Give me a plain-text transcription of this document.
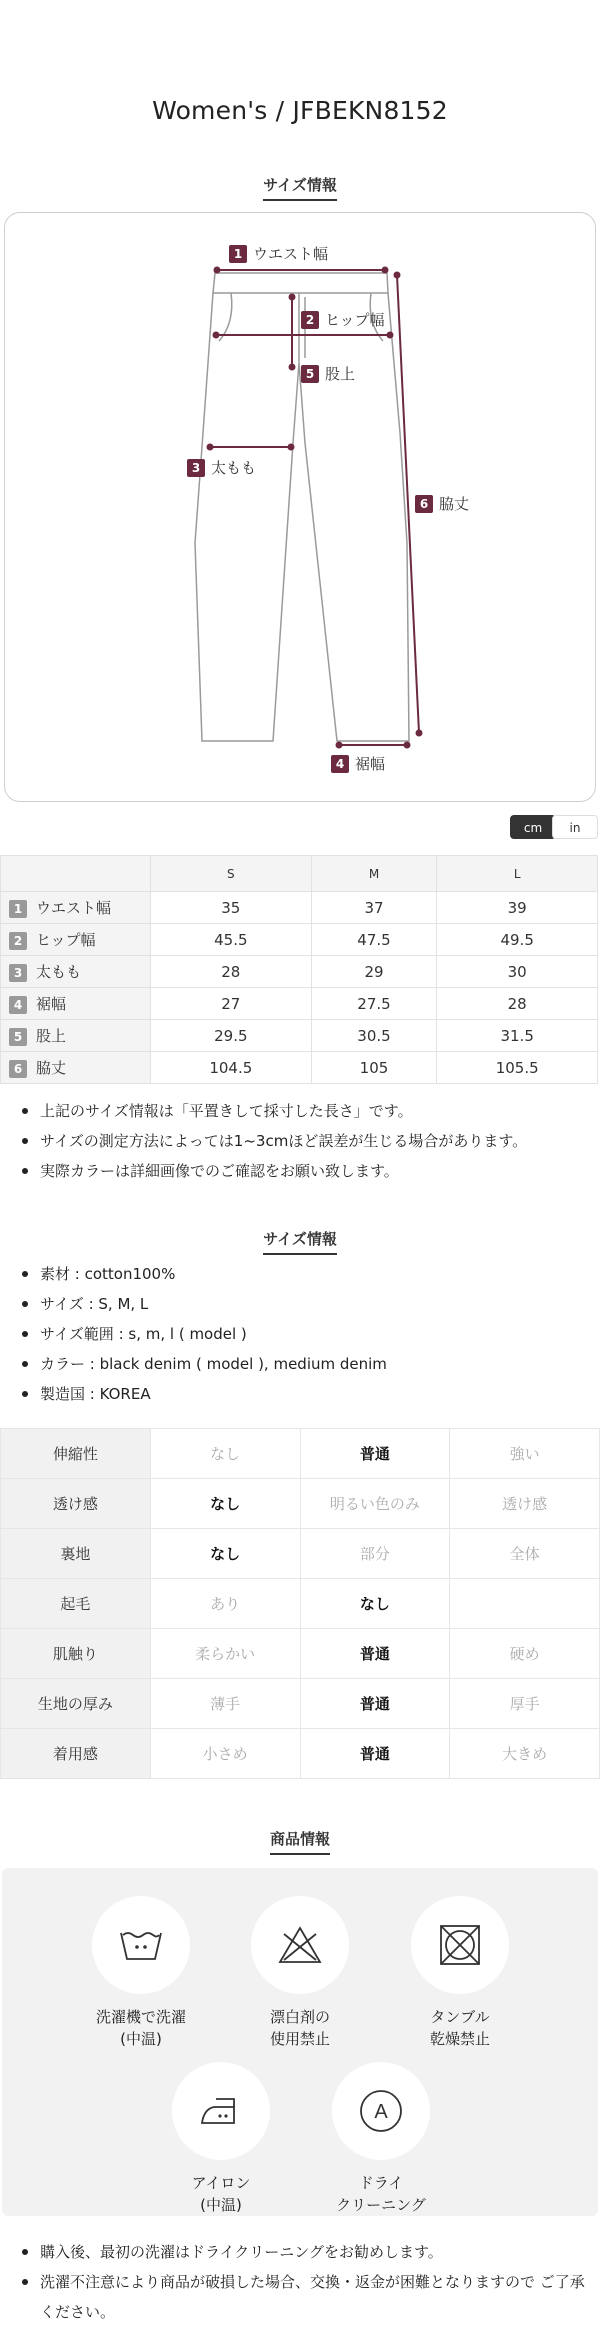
Women's / JFBEKN8152
サイズ情報
1 ウエスト幅
2 ヒップ幅
5 股上
3 太もも
6 脇丈
4 裾幅
cm	in
	S	M	L
1 ウエスト幅	35	37	39
2 ヒップ幅	45.5	47.5	49.5
3 太もも	28	29	30
4 裾幅	27	27.5	28
5 股上	29.5	30.5	31.5
6 脇丈	104.5	105	105.5
上記のサイズ情報は「平置きして採寸した長さ」です。
サイズの測定方法によっては1~3cmほど誤差が生じる場合があります。
実際カラーは詳細画像でのご確認をお願い致します。
サイズ情報
素材 : cotton100%
サイズ : S, M, L
サイズ範囲 : s, m, l ( model )
カラー : black denim ( model ), medium denim
製造国 : KOREA
伸縮性	なし	普通	強い
透け感	なし	明るい色のみ	透け感
裏地	なし	部分	全体
起毛	あり	なし	
肌触り	柔らかい	普通	硬め
生地の厚み	薄手	普通	厚手
着用感	小さめ	普通	大きめ
商品情報
洗濯機で洗濯
(中温)
漂白剤の
使用禁止
タンブル
乾燥禁止
アイロン
(中温)
A
ドライ
クリーニング
購入後、最初の洗濯はドライクリーニングをお勧めします。
洗濯不注意により商品が破損した場合、交換・返金が困難となりますので ご了承ください。
